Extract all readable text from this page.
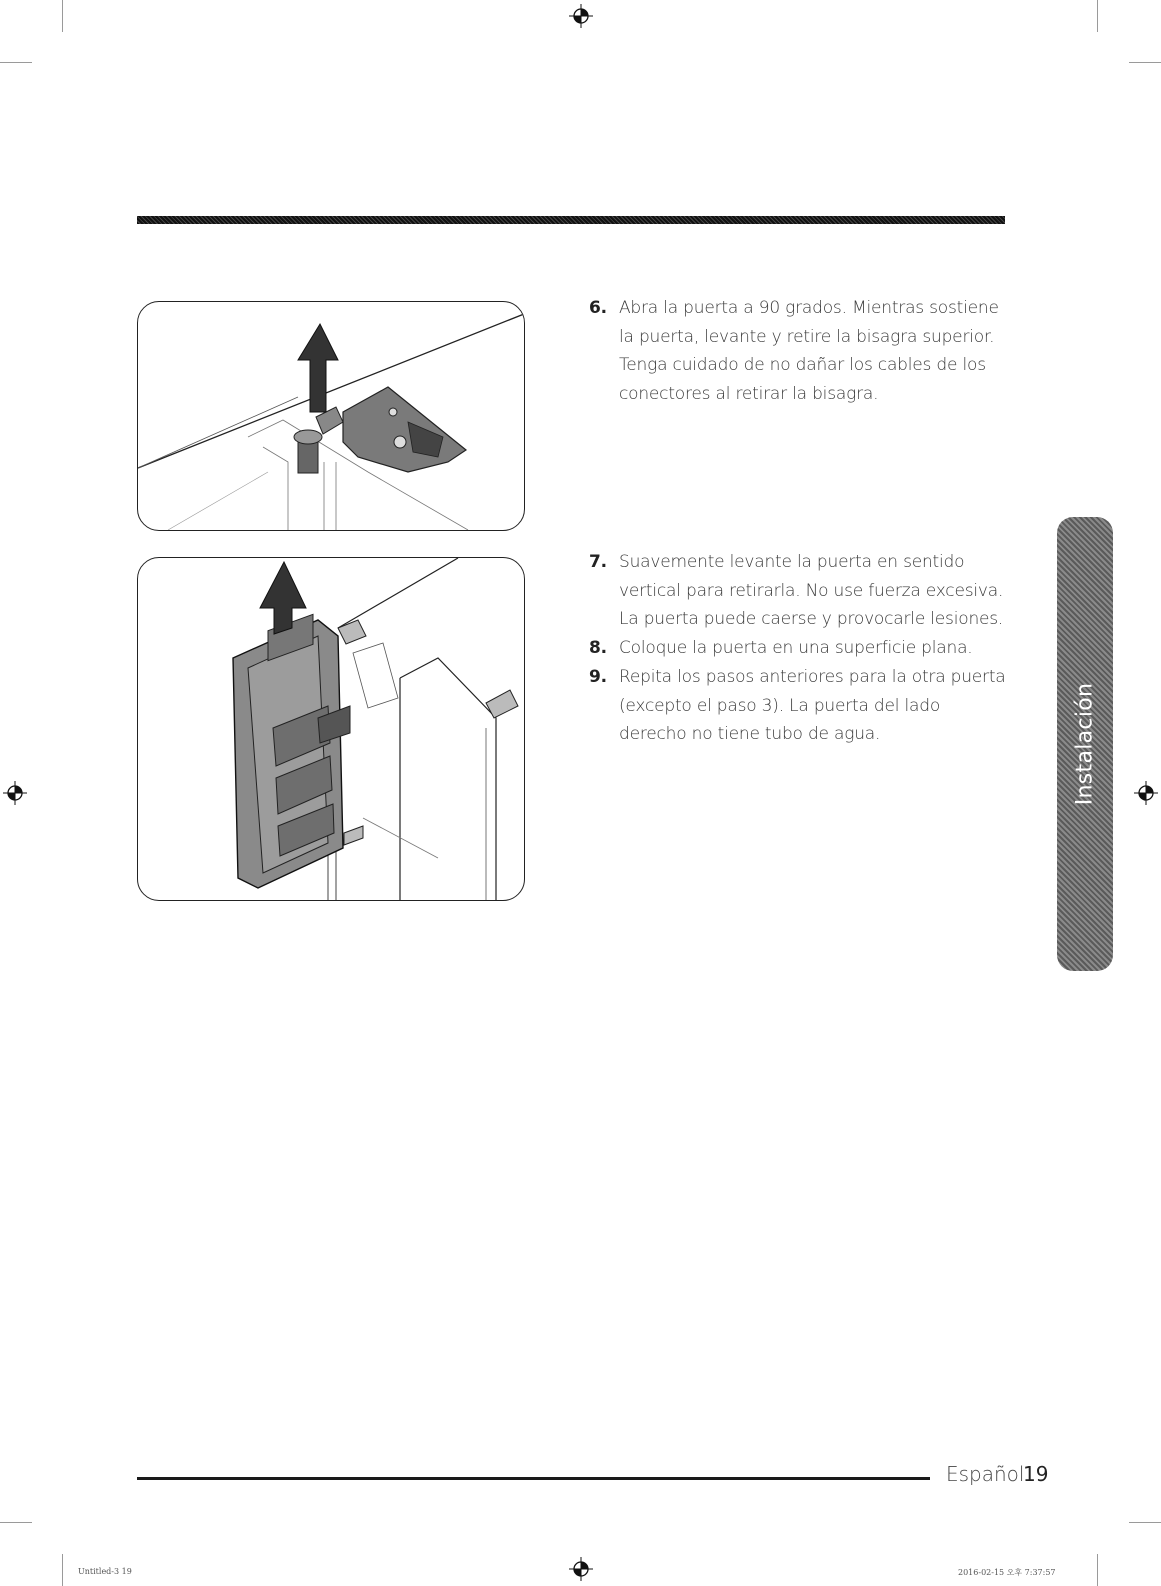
6. Abra la puerta a 90 grados. Mientras sostiene la puerta, levante y retire la bisagra superior. Tenga cuidado de no dañar los cables de los conectores al retirar la bisagra.
7. Suavemente levante la puerta en sentido vertical para retirarla. No use fuerza excesiva. La puerta puede caerse y provocarle lesiones.
8. Coloque la puerta en una superficie plana.
9. Repita los pasos anteriores para la otra puerta (excepto el paso 3). La puerta del lado derecho no tiene tubo de agua.	Instalación
Español
19
Untitled-3 19	2016-02-15 오후 7:37:57
